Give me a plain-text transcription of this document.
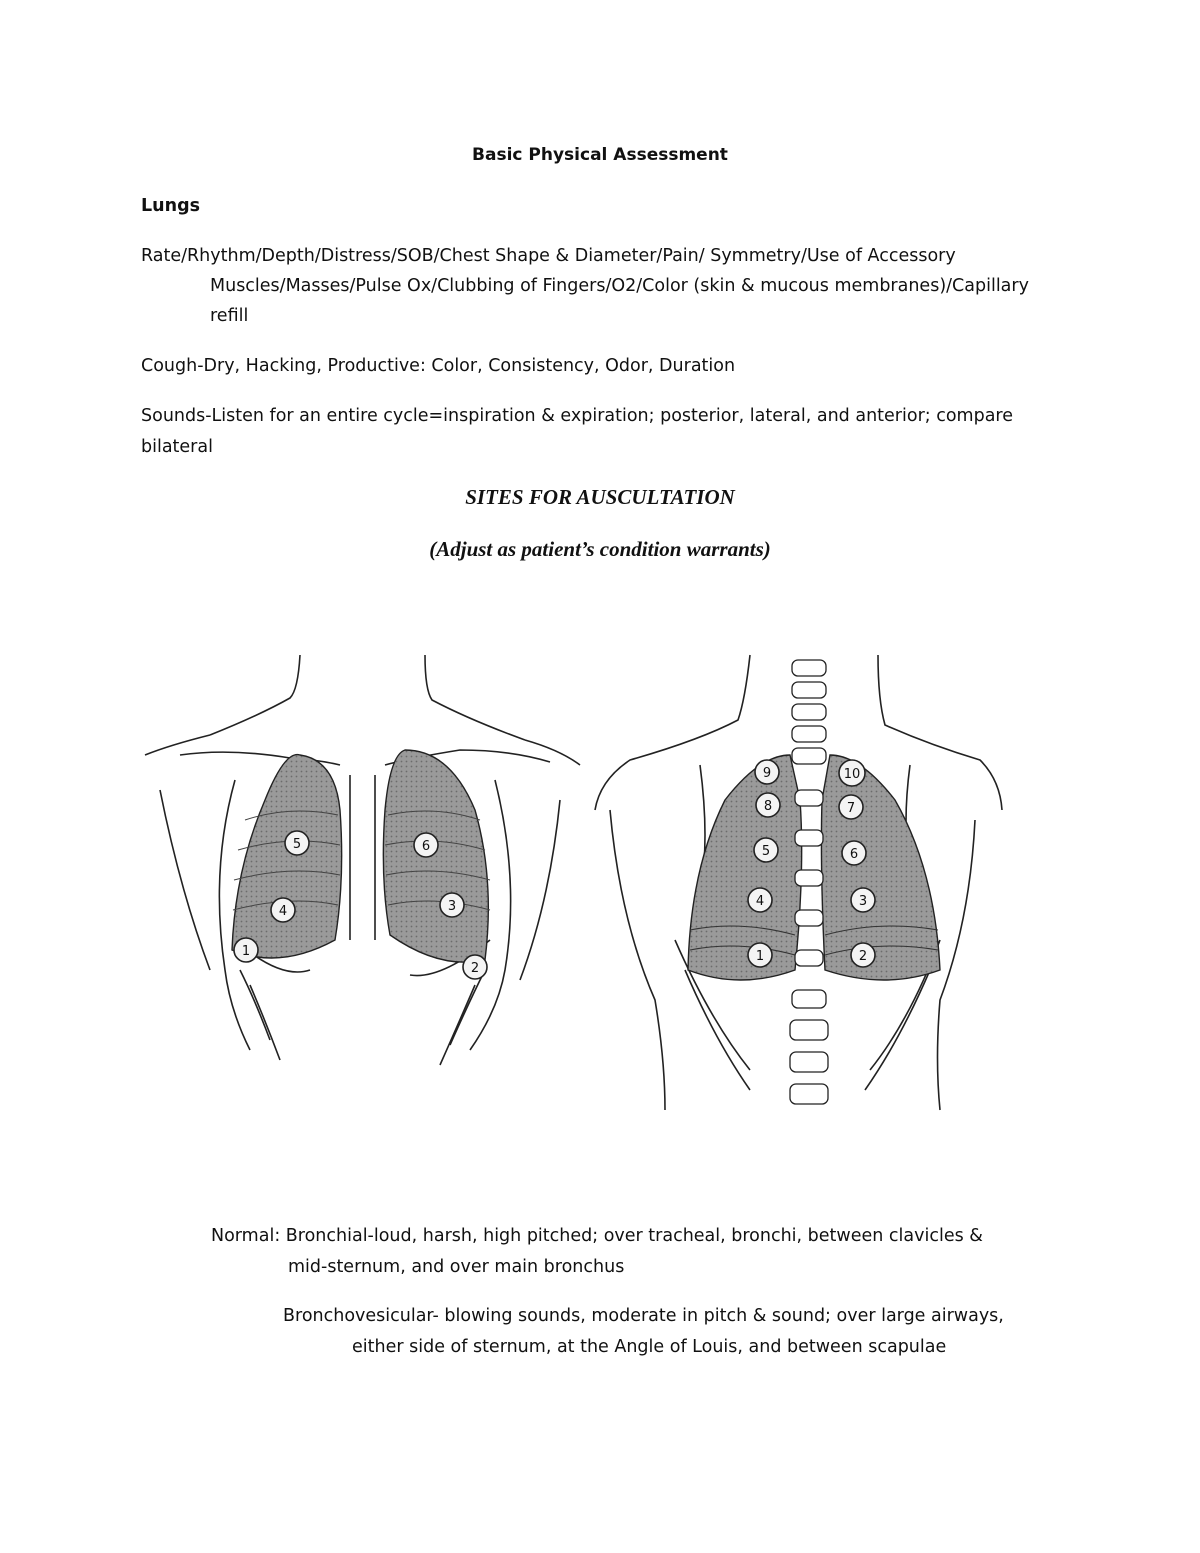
Basic Physical Assessment
Lungs
Rate/Rhythm/Depth/Distress/SOB/Chest Shape & Diameter/Pain/ Symmetry/Use of Accessory
Muscles/Masses/Pulse Ox/Clubbing of Fingers/O2/Color (skin & mucous membranes)/Capillary
refill
Cough-Dry, Hacking, Productive: Color, Consistency, Odor, Duration
Sounds-Listen for an entire cycle=inspiration & expiration; posterior, lateral, and anterior; compare
bilateral
SITES FOR AUSCULTATION
(Adjust as patient’s condition warrants)
1
2
3
4
5	6
1	2
3
4
5	6
7
8
9	10
Normal: Bronchial-loud, harsh, high pitched; over tracheal, bronchi, between clavicles &
mid-sternum, and over main bronchus
Bronchovesicular- blowing sounds, moderate in pitch & sound; over large airways,
either side of sternum, at the Angle of Louis, and between scapulae
